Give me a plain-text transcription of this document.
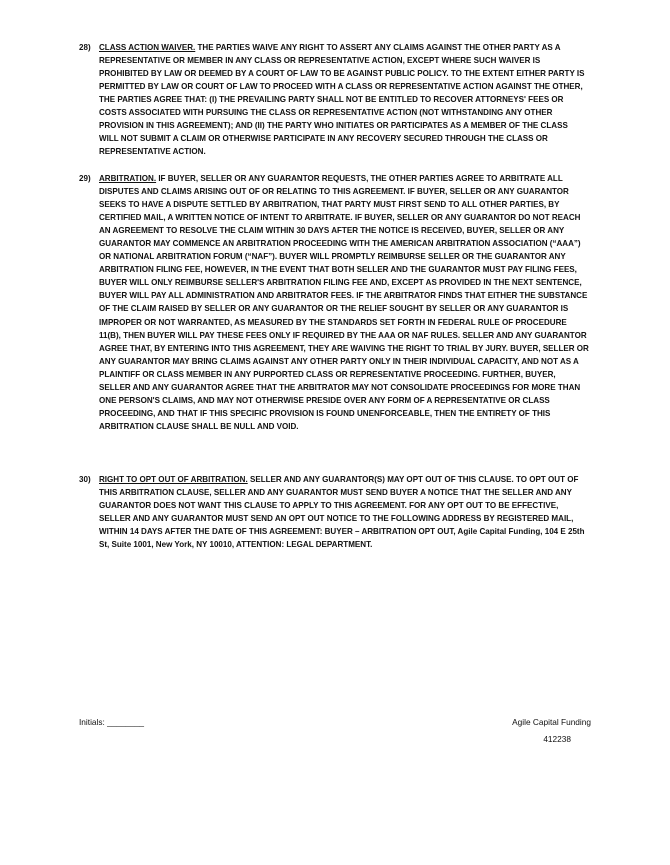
28)	CLASS ACTION WAIVER. THE PARTIES WAIVE ANY RIGHT TO ASSERT ANY CLAIMS AGAINST THE OTHER PARTY AS A REPRESENTATIVE OR MEMBER IN ANY CLASS OR REPRESENTATIVE ACTION, EXCEPT WHERE SUCH WAIVER IS PROHIBITED BY LAW OR DEEMED BY A COURT OF LAW TO BE AGAINST PUBLIC POLICY. TO THE EXTENT EITHER PARTY IS PERMITTED BY LAW OR COURT OF LAW TO PROCEED WITH A CLASS OR REPRESENTATIVE ACTION AGAINST THE OTHER, THE PARTIES AGREE THAT: (I) THE PREVAILING PARTY SHALL NOT BE ENTITLED TO RECOVER ATTORNEYS' FEES OR COSTS ASSOCIATED WITH PURSUING THE CLASS OR REPRESENTATIVE ACTION (NOT WITHSTANDING ANY OTHER PROVISION IN THIS AGREEMENT); AND (II) THE PARTY WHO INITIATES OR PARTICIPATES AS A MEMBER OF THE CLASS WILL NOT SUBMIT A CLAIM OR OTHERWISE PARTICIPATE IN ANY RECOVERY SECURED THROUGH THE CLASS OR REPRESENTATIVE ACTION.
29)	ARBITRATION. IF BUYER, SELLER OR ANY GUARANTOR REQUESTS, THE OTHER PARTIES AGREE TO ARBITRATE ALL DISPUTES AND CLAIMS ARISING OUT OF OR RELATING TO THIS AGREEMENT. IF BUYER, SELLER OR ANY GUARANTOR SEEKS TO HAVE A DISPUTE SETTLED BY ARBITRATION, THAT PARTY MUST FIRST SEND TO ALL OTHER PARTIES, BY CERTIFIED MAIL, A WRITTEN NOTICE OF INTENT TO ARBITRATE. IF BUYER, SELLER OR ANY GUARANTOR DO NOT REACH AN AGREEMENT TO RESOLVE THE CLAIM WITHIN 30 DAYS AFTER THE NOTICE IS RECEIVED, BUYER, SELLER OR ANY GUARANTOR MAY COMMENCE AN ARBITRATION PROCEEDING WITH THE AMERICAN ARBITRATION ASSOCIATION (“AAA”) OR NATIONAL ARBITRATION FORUM (“NAF”). BUYER WILL PROMPTLY REIMBURSE SELLER OR THE GUARANTOR ANY ARBITRATION FILING FEE, HOWEVER, IN THE EVENT THAT BOTH SELLER AND THE GUARANTOR MUST PAY FILING FEES, BUYER WILL ONLY REIMBURSE SELLER'S ARBITRATION FILING FEE AND, EXCEPT AS PROVIDED IN THE NEXT SENTENCE, BUYER WILL PAY ALL ADMINISTRATION AND ARBITRATOR FEES. IF THE ARBITRATOR FINDS THAT EITHER THE SUBSTANCE OF THE CLAIM RAISED BY SELLER OR ANY GUARANTOR OR THE RELIEF SOUGHT BY SELLER OR ANY GUARANTOR IS IMPROPER OR NOT WARRANTED, AS MEASURED BY THE STANDARDS SET FORTH IN FEDERAL RULE OF PROCEDURE 11(B), THEN BUYER WILL PAY THESE FEES ONLY IF REQUIRED BY THE AAA OR NAF RULES. SELLER AND ANY GUARANTOR AGREE THAT, BY ENTERING INTO THIS AGREEMENT, THEY ARE WAIVING THE RIGHT TO TRIAL BY JURY. BUYER, SELLER OR ANY GUARANTOR MAY BRING CLAIMS AGAINST ANY OTHER PARTY ONLY IN THEIR INDIVIDUAL CAPACITY, AND NOT AS A PLAINTIFF OR CLASS MEMBER IN ANY PURPORTED CLASS OR REPRESENTATIVE PROCEEDING. FURTHER, BUYER, SELLER AND ANY GUARANTOR AGREE THAT THE ARBITRATOR MAY NOT CONSOLIDATE PROCEEDINGS FOR MORE THAN ONE PERSON'S CLAIMS, AND MAY NOT OTHERWISE PRESIDE OVER ANY FORM OF A REPRESENTATIVE OR CLASS PROCEEDING, AND THAT IF THIS SPECIFIC PROVISION IS FOUND UNENFORCEABLE, THEN THE ENTIRETY OF THIS ARBITRATION CLAUSE SHALL BE NULL AND VOID.
30)	RIGHT TO OPT OUT OF ARBITRATION. SELLER AND ANY GUARANTOR(S) MAY OPT OUT OF THIS CLAUSE. TO OPT OUT OF THIS ARBITRATION CLAUSE, SELLER AND ANY GUARANTOR MUST SEND BUYER A NOTICE THAT THE SELLER AND ANY GUARANTOR DOES NOT WANT THIS CLAUSE TO APPLY TO THIS AGREEMENT. FOR ANY OPT OUT TO BE EFFECTIVE, SELLER AND ANY GUARANTOR MUST SEND AN OPT OUT NOTICE TO THE FOLLOWING ADDRESS BY REGISTERED MAIL, WITHIN 14 DAYS AFTER THE DATE OF THIS AGREEMENT: BUYER – ARBITRATION OPT OUT, Agile Capital Funding, 104 E 25th St, Suite 1001, New York, NY 10010, ATTENTION: LEGAL DEPARTMENT.
Initials: ________	Agile Capital Funding
412238
